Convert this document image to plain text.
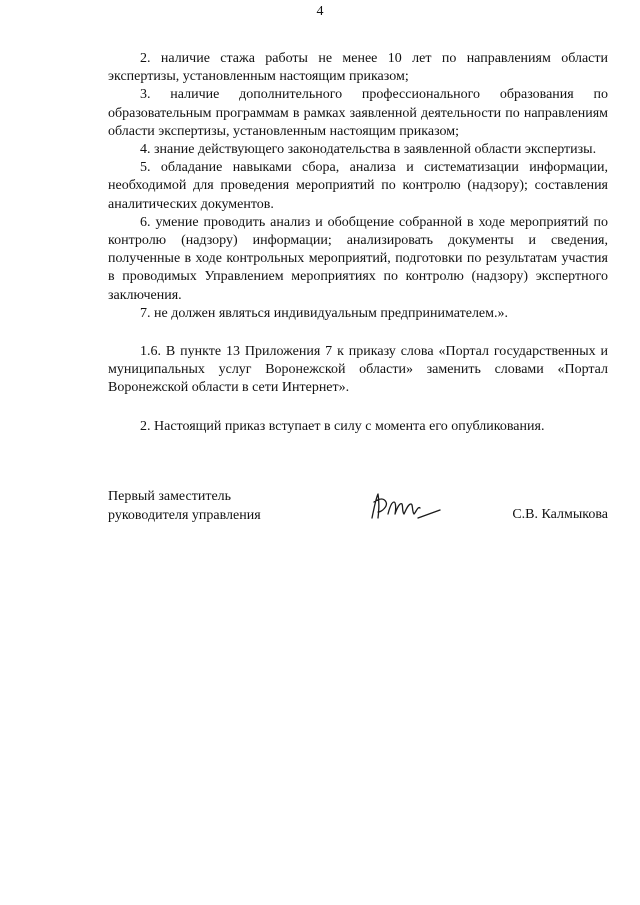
4

2. наличие стажа работы не менее 10 лет по направлениям области экспертизы, установленным настоящим приказом;

3. наличие дополнительного профессионального образования по образовательным программам в рамках заявленной деятельности по направлениям области экспертизы, установленным настоящим приказом;

4. знание действующего законодательства в заявленной области экспертизы.

5. обладание навыками сбора, анализа и систематизации информации, необходимой для проведения мероприятий по контролю (надзору); составления аналитических документов.

6. умение проводить анализ и обобщение собранной в ходе мероприятий по контролю (надзору) информации; анализировать документы и сведения, полученные в ходе контрольных мероприятий, подготовки по результатам участия в проводимых Управлением мероприятиях по контролю (надзору) экспертного заключения.

7. не должен являться индивидуальным предпринимателем.».

1.6. В пункте 13 Приложения 7 к приказу слова «Портал государственных и муниципальных услуг Воронежской области» заменить словами «Портал Воронежской области в сети Интернет».

2. Настоящий приказ вступает в силу с момента его опубликования.

Первый заместитель
руководителя управления	С.В. Калмыкова
